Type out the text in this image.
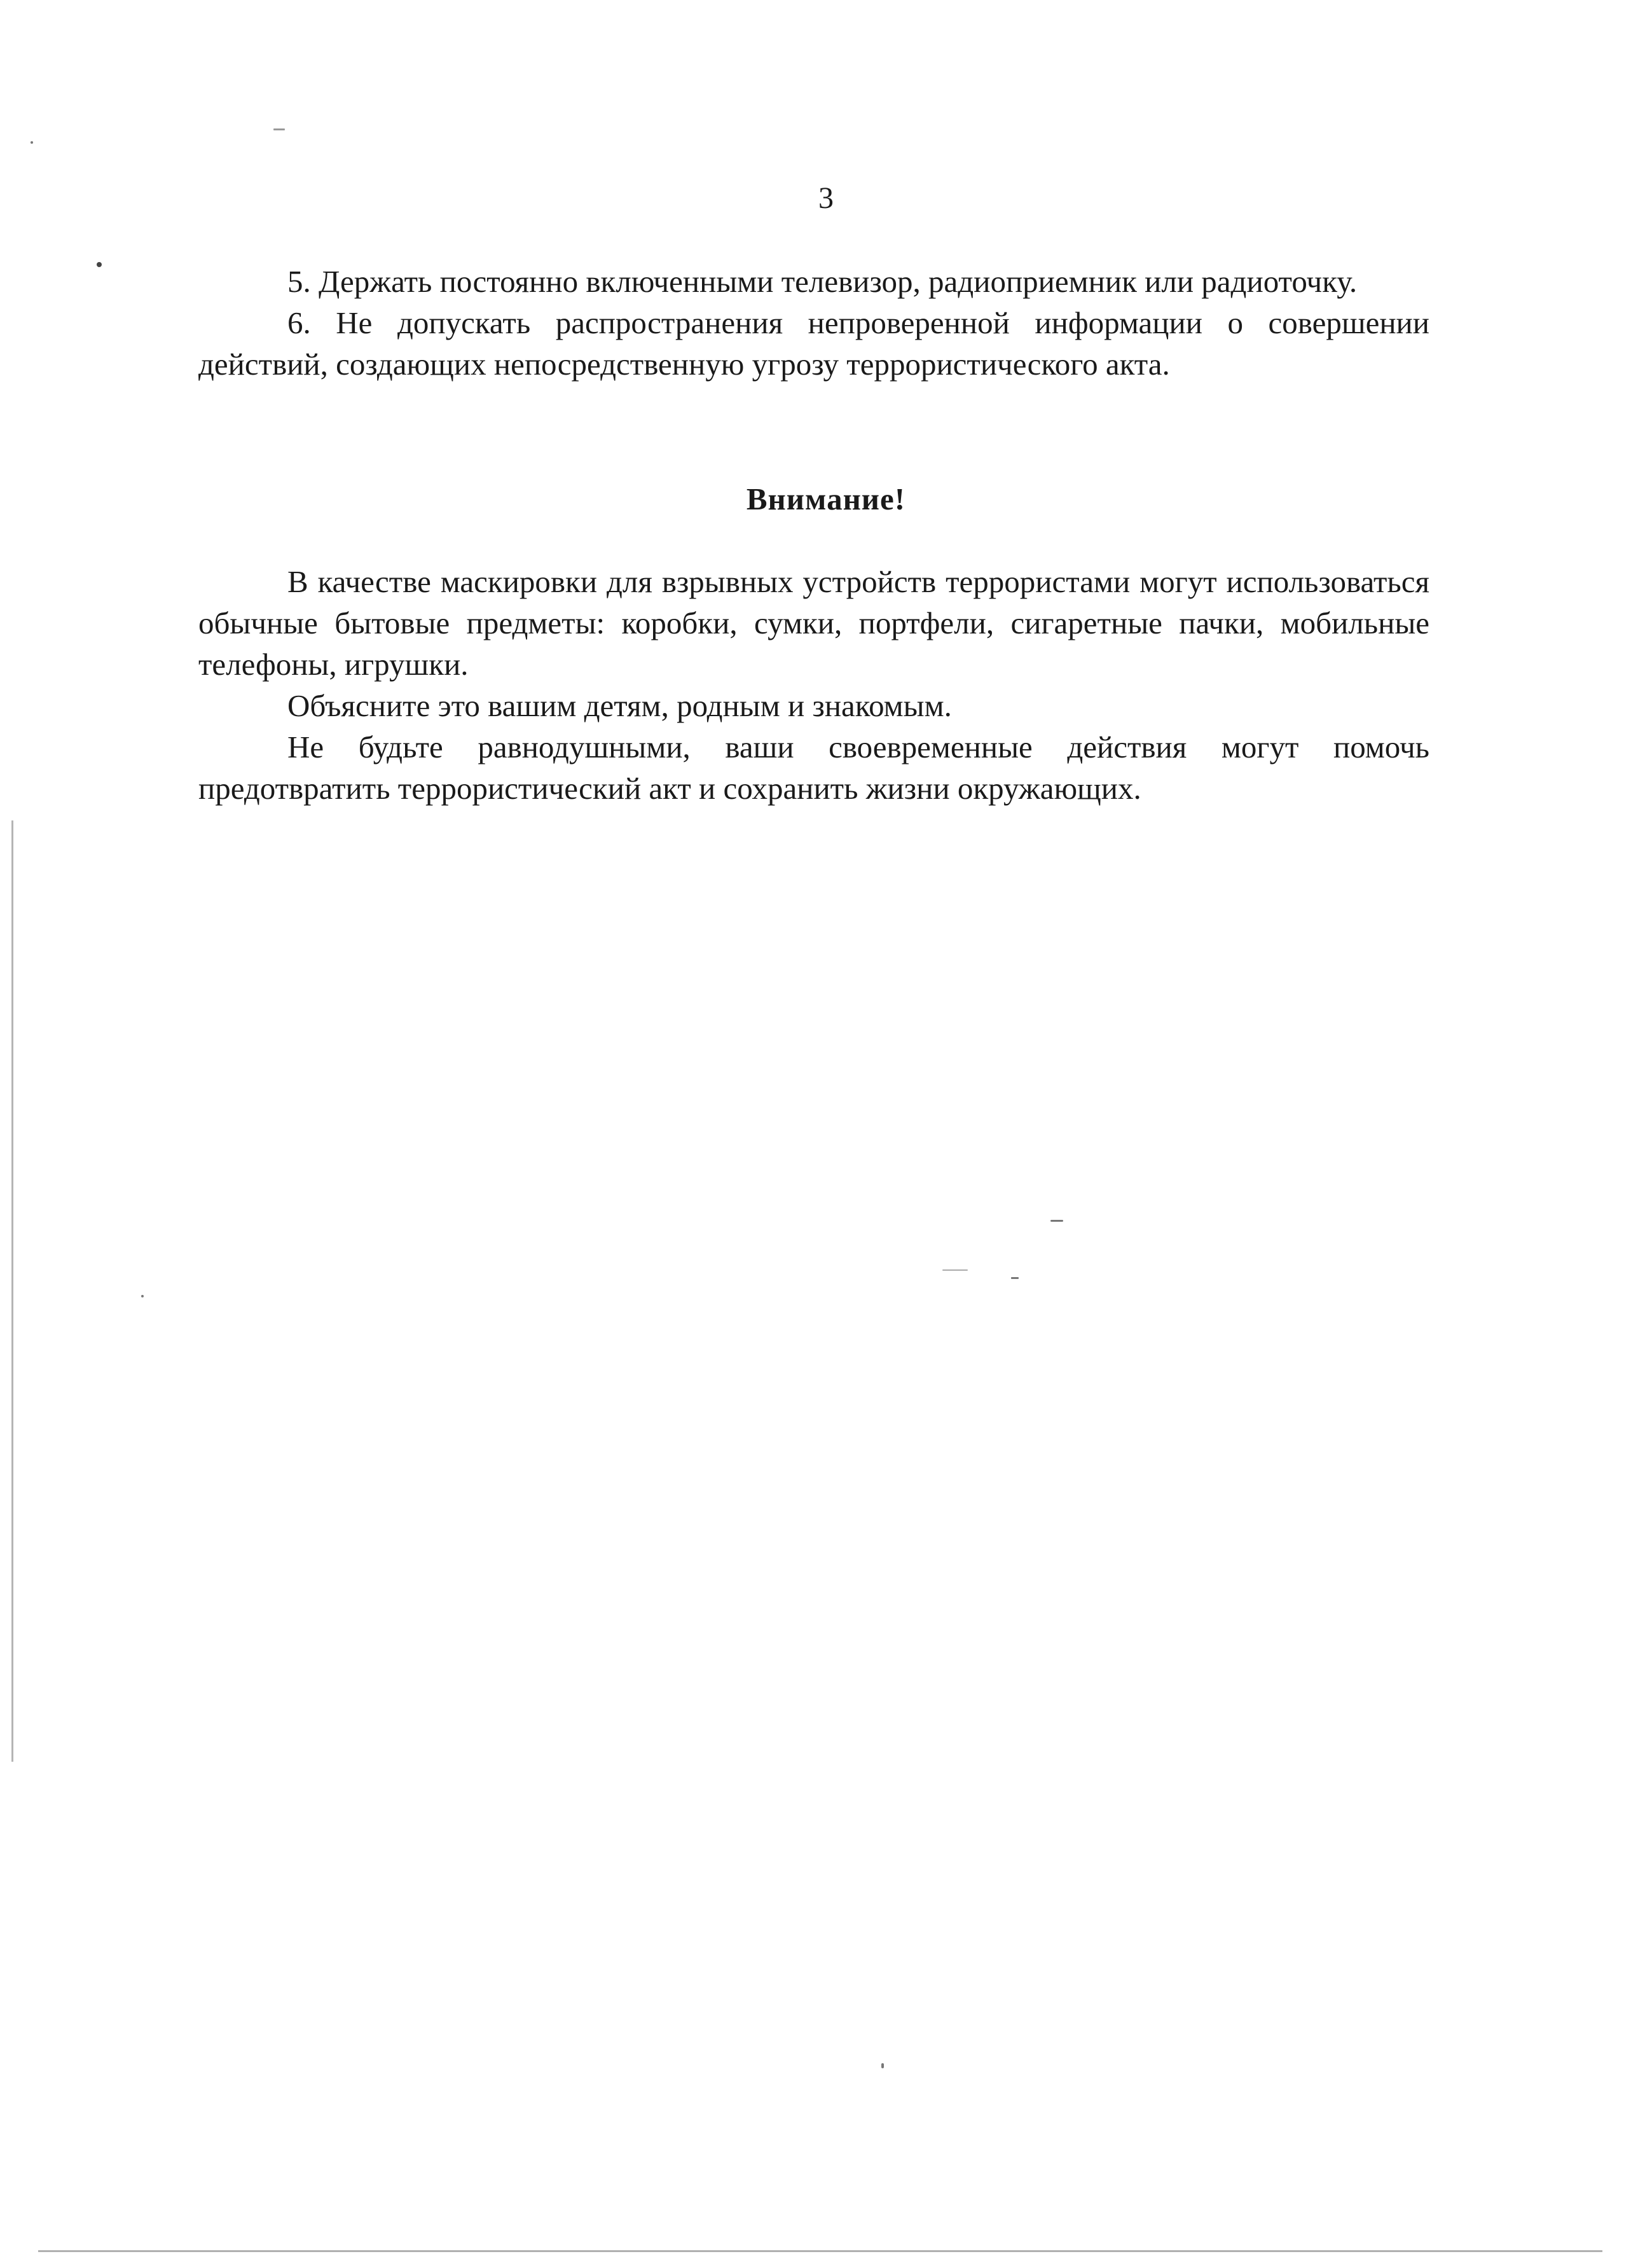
3

5. Держать постоянно включенными телевизор, радиоприемник или радиоточку.

6. Не допускать распространения непроверенной информации о совершении действий, создающих непосредственную угрозу террористического акта.

Внимание!

В качестве маскировки для взрывных устройств террористами могут использоваться обычные бытовые предметы: коробки, сумки, портфели, сигаретные пачки, мобильные телефоны, игрушки.

Объясните это вашим детям, родным и знакомым.

Не будьте равнодушными, ваши своевременные действия могут помочь предотвратить террористический акт и сохранить жизни окружающих.
